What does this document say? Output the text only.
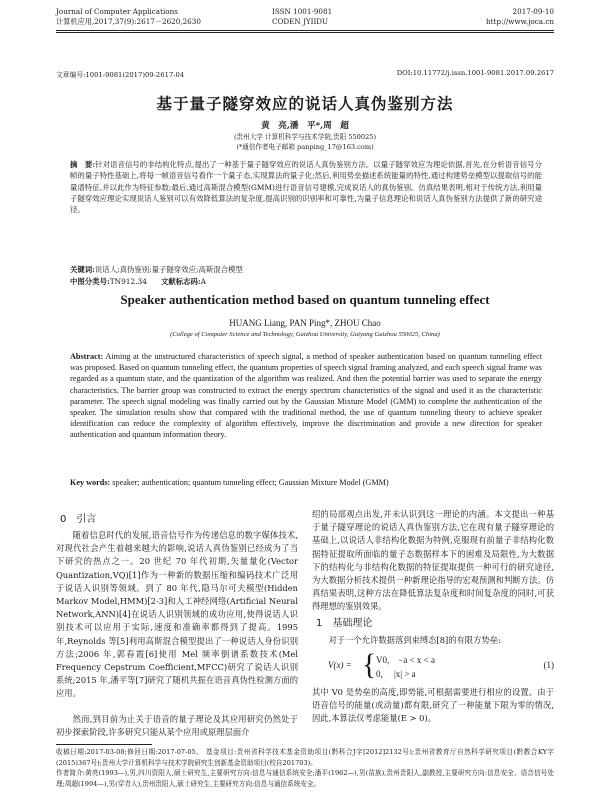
Journal of Computer Applications
计算机应用,2017,37(9):2617－2620,2630
ISSN 1001-9081
CODEN JYIIDU
2017-09-10
http://www.joca.cn
文章编号:1001-9081(2017)09-2617-04	DOI:10.11772/j.issn.1001-9081.2017.09.2617
基于量子隧穿效应的说话人真伪鉴别方法
黄　亮,潘　平*,周　超
(贵州大学 计算机科学与技术学院,贵阳 550025)
(*通信作者电子邮箱 panping_17@163.com)
摘　要:针对语音信号的非结构化特点,提出了一种基于量子隧穿效应的说话人真伪鉴别方法。以量子隧穿效应为理论依据,首先,在分析语音信号分帧的量子特性基础上,将每一帧语音信号看作一个量子态,实现算法的量子化;然后,利用势垒描述系统能量的特性,通过构建势垒模型以提取信号的能量谱特征,并以此作为特征参数;最后,通过高斯混合模型(GMM)进行语音信号建模,完成说话人的真伪鉴别。仿真结果表明,相对于传统方法,利用量子隧穿效应理论实现说话人鉴别可以有效降低算法的复杂度,提高识别的识别率和可靠性,为量子信息理论和说话人真伪鉴别方法提供了新的研究途径。
关键词:说话人;真伪鉴别;量子隧穿效应;高斯混合模型
中图分类号:TN912.34 文献标志码:A
Speaker authentication method based on quantum tunneling effect
HUANG Liang, PAN Ping*, ZHOU Chao
(College of Computer Science and Technology, Guizhou University, Guiyang Guizhou 550025, China)
Abstract: Aiming at the unstructured characteristics of speech signal, a method of speaker authentication based on quantum tunneling effect was proposed. Based on quantum tunneling effect, the quantum properties of speech signal framing analyzed, and each speech signal frame was regarded as a quantum state, and the quantization of the algorithm was realized. And then the potential barrier was used to separate the energy characteristics. The barrier group was constructed to extract the energy spectrum characteristics of the signal and used it as the characteristic parameter. The speech signal modeling was finally carried out by the Gaussian Mixture Model (GMM) to complete the authentication of the speaker. The simulation results show that compared with the traditional method, the use of quantum tunneling theory to achieve speaker identification can reduce the complexity of algorithm effectively, improve the discrimination and provide a new direction for speaker authentication and quantum information theory.
Key words: speaker; authentication; quantum tunneling effect; Gaussian Mixture Model (GMM)
0　引言
随着信息时代的发展,语音信号作为传递信息的数字媒体技术,对现代社会产生着越来越大的影响,说话人真伪鉴别已经成为了当下研究的热点之一。20 世纪 70 年代初期,矢量量化(Vector Quantization,VQ)[1]作为一种新的数据压缩和编码技术广泛用于说话人识别等领域。到了 80 年代,隐马尔可夫模型(Hidden Markov Model,HMM)[2-3]和人工神经网络(Artificial Neural Network,ANN)[4]在说话人识别领域的成功应用,使得说话人识别技术可以应用于实际,速度和准确率都得到了提高。1995 年,Reynolds 等[5]利用高斯混合模型提出了一种说话人身份识别方法;2006 年,郭春霞[6]使用 Mel 频率倒谱系数技术(Mel Frequency Cepstrum Coefficient,MFCC)研究了说话人识别系统;2015 年,潘平等[7]研究了随机共振在语音真伪性检测方面的应用。
然而,到目前为止关于语音的量子理论及其应用研究仍然处于初步探索阶段,许多研究只能从某个应用或原理层面介
绍的局部观点出发,并未认识到这一理论的内涵。本文提出一种基于量子隧穿理论的说话人真伪鉴别方法,它在现有量子隧穿理论的基础上,以说话人非结构化数据为特例,克服现有前量子非结构化数据特征提取所面临的量子态数据样本下的困难及局限性,为大数据下的结构化与非结构化数据的特征提取提供一种可行的研究途径,为大数据分析技术提供一种新理论指导的宏观预测和判断方法。仿真结果表明,这种方法在降低算法复杂度和时间复杂度的同时,可获得理想的鉴别效果。
1　基础理论
对于一个允许数据落到束缚态[8]的有限方势垒:
V(x) = { V0,　−a < x < a
0,　 |x| > a
(1)
其中 V0 是势垒的高度,即势能,可根据需要进行相应的设置。由于语音信号的能量(或动量)都有限,研究了一种能量下限为零的情况,因此,本算法仅考虑能量(E > 0)。
收稿日期:2017-03-08;修回日期:2017-07-05。 基金项目:贵州省科学技术基金资助项目(黔科合J字[2012]2132号);贵州省教育厅自然科学研究项目(黔教合KY字(2015)367号);贵州大学计算机科学与技术学院研究生创新基金资助项目(校自201703)。
作者简介:黄亮(1993—),男,四川资阳人,硕士研究生,主要研究方向:信息与通信系统安全;潘平(1962—),男(苗族),贵州贵阳人,副教授,主要研究方向:信息安全、语音信号处理;周超(1994—),男(穿青人),贵州贵阳人,硕士研究生,主要研究方向:信息与通信系统安全。
